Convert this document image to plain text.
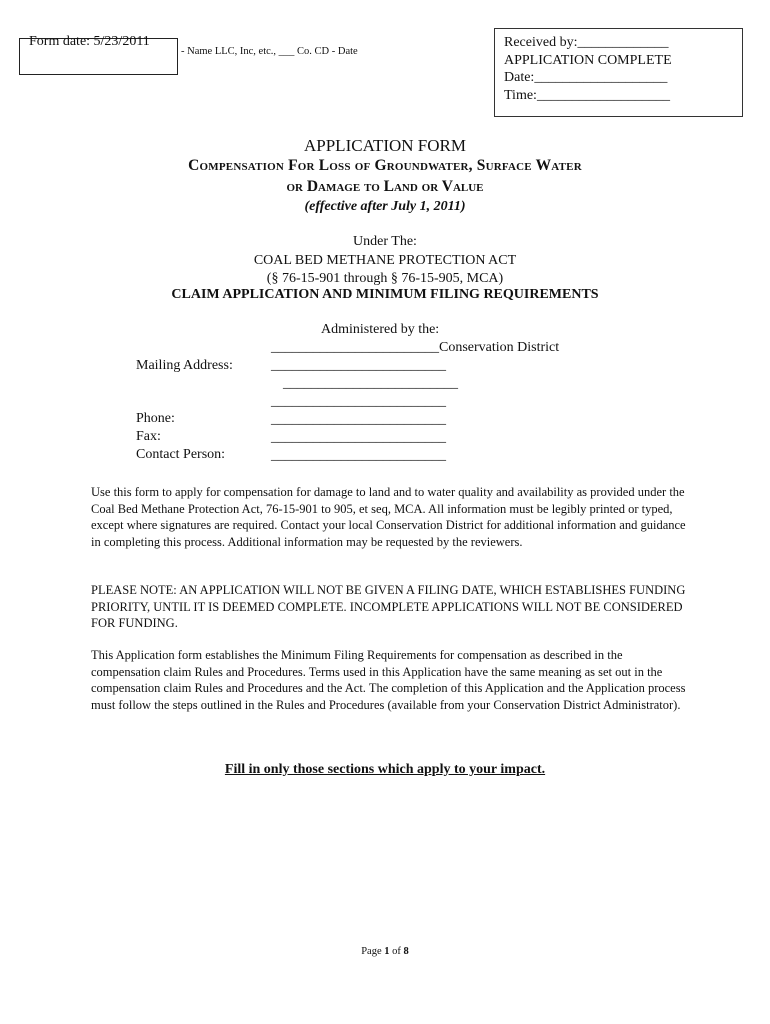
Form date: 5/23/2011
- Name LLC, Inc, etc., ___ Co. CD - Date
Received by:_____________
APPLICATION COMPLETE
Date:___________________
Time:___________________
APPLICATION FORM
Compensation For Loss of Groundwater, Surface Water
or Damage to Land or Value
(effective after July 1, 2011)
Under The:
COAL BED METHANE PROTECTION ACT
(§ 76-15-901 through § 76-15-905, MCA)
CLAIM APPLICATION AND MINIMUM FILING REQUIREMENTS
Administered by the:
________________________Conservation District
Mailing Address:	_________________________
_________________________
_________________________
Phone:	_________________________
Fax:	_________________________
Contact Person:	_________________________
Use this form to apply for compensation for damage to land and to water quality and availability as provided under the Coal Bed Methane Protection Act, 76-15-901 to 905, et seq, MCA. All information must be legibly printed or typed, except where signatures are required. Contact your local Conservation District for additional information and guidance in completing this process. Additional information may be requested by the reviewers.
PLEASE NOTE: AN APPLICATION WILL NOT BE GIVEN A FILING DATE, WHICH ESTABLISHES FUNDING PRIORITY, UNTIL IT IS DEEMED COMPLETE. INCOMPLETE APPLICATIONS WILL NOT BE CONSIDERED FOR FUNDING.
This Application form establishes the Minimum Filing Requirements for compensation as described in the compensation claim Rules and Procedures. Terms used in this Application have the same meaning as set out in the compensation claim Rules and Procedures and the Act. The completion of this Application and the Application process must follow the steps outlined in the Rules and Procedures (available from your Conservation District Administrator).
Fill in only those sections which apply to your impact.
Page 1 of 8
